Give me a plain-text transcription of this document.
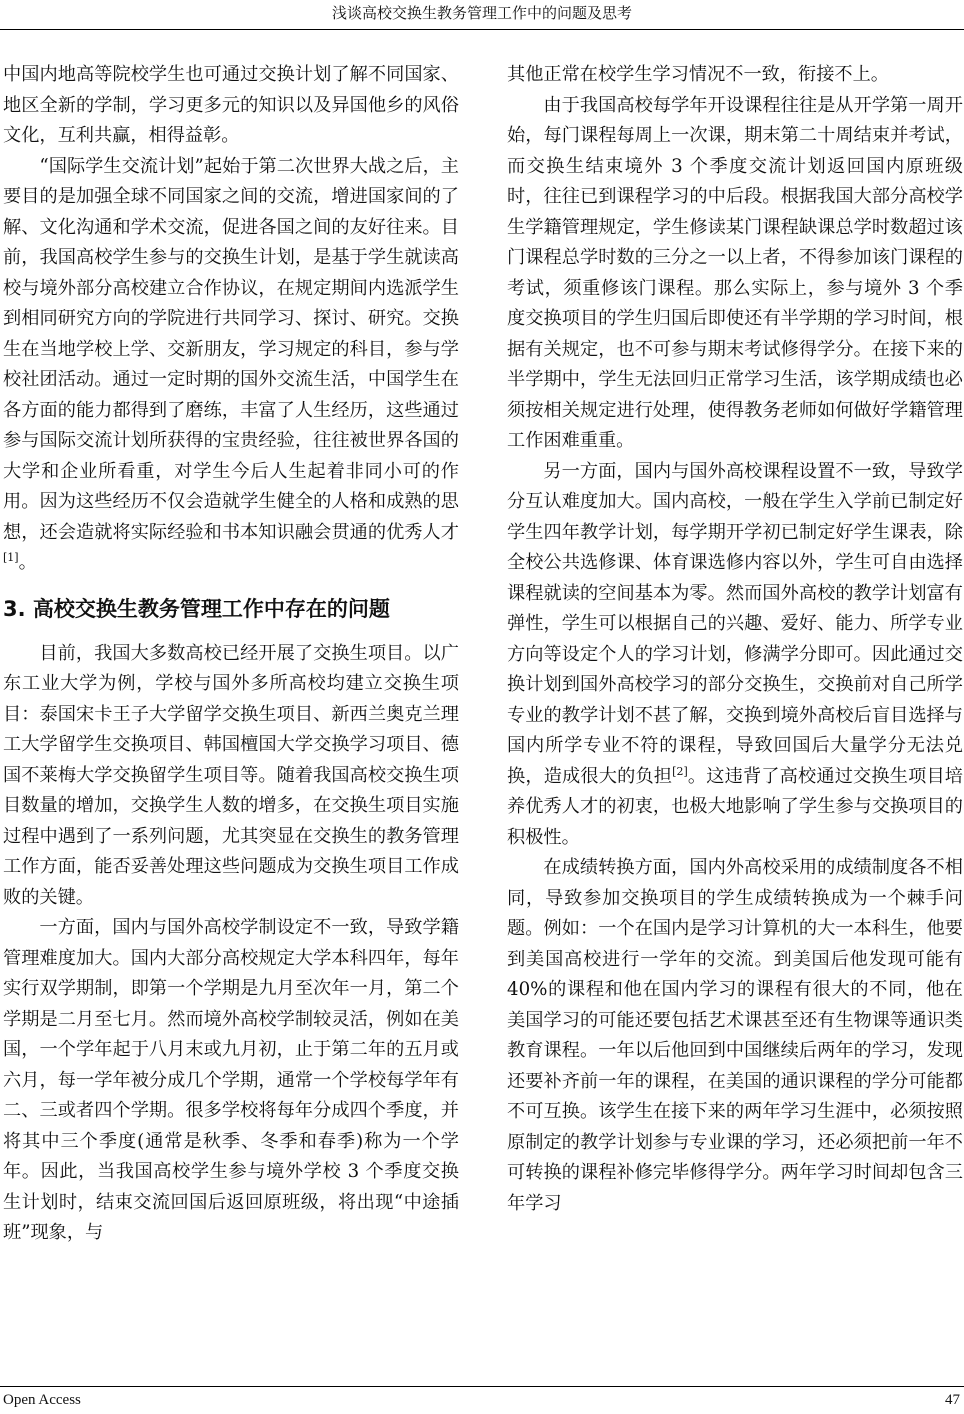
浅谈高校交换生教务管理工作中的问题及思考

中国内地高等院校学生也可通过交换计划了解不同国家、地区全新的学制，学习更多元的知识以及异国他乡的风俗文化，互利共赢，相得益彰。

“国际学生交流计划”起始于第二次世界大战之后，主要目的是加强全球不同国家之间的交流，增进国家间的了解、文化沟通和学术交流，促进各国之间的友好往来。目前，我国高校学生参与的交换生计划，是基于学生就读高校与境外部分高校建立合作协议，在规定期间内选派学生到相同研究方向的学院进行共同学习、探讨、研究。交换生在当地学校上学、交新朋友，学习规定的科目，参与学校社团活动。通过一定时期的国外交流生活，中国学生在各方面的能力都得到了磨练，丰富了人生经历，这些通过参与国际交流计划所获得的宝贵经验，往往被世界各国的大学和企业所看重，对学生今后人生起着非同小可的作用。因为这些经历不仅会造就学生健全的人格和成熟的思想，还会造就将实际经验和书本知识融会贯通的优秀人才[1]。

3. 高校交换生教务管理工作中存在的问题

目前，我国大多数高校已经开展了交换生项目。以广东工业大学为例，学校与国外多所高校均建立交换生项目：泰国宋卡王子大学留学交换生项目、新西兰奥克兰理工大学留学生交换项目、韩国檀国大学交换学习项目、德国不莱梅大学交换留学生项目等。随着我国高校交换生项目数量的增加，交换学生人数的增多，在交换生项目实施过程中遇到了一系列问题，尤其突显在交换生的教务管理工作方面，能否妥善处理这些问题成为交换生项目工作成败的关键。

一方面，国内与国外高校学制设定不一致，导致学籍管理难度加大。国内大部分高校规定大学本科四年，每年实行双学期制，即第一个学期是九月至次年一月，第二个学期是二月至七月。然而境外高校学制较灵活，例如在美国，一个学年起于八月末或九月初，止于第二年的五月或六月，每一学年被分成几个学期，通常一个学校每学年有二、三或者四个学期。很多学校将每年分成四个季度，并将其中三个季度(通常是秋季、冬季和春季)称为一个学年。因此，当我国高校学生参与境外学校 3 个季度交换生计划时，结束交流回国后返回原班级，将出现“中途插班”现象，与

其他正常在校学生学习情况不一致，衔接不上。

由于我国高校每学年开设课程往往是从开学第一周开始，每门课程每周上一次课，期末第二十周结束并考试，而交换生结束境外 3 个季度交流计划返回国内原班级时，往往已到课程学习的中后段。根据我国大部分高校学生学籍管理规定，学生修读某门课程缺课总学时数超过该门课程总学时数的三分之一以上者，不得参加该门课程的考试，须重修该门课程。那么实际上，参与境外 3 个季度交换项目的学生归国后即使还有半学期的学习时间，根据有关规定，也不可参与期末考试修得学分。在接下来的半学期中，学生无法回归正常学习生活，该学期成绩也必须按相关规定进行处理，使得教务老师如何做好学籍管理工作困难重重。

另一方面，国内与国外高校课程设置不一致，导致学分互认难度加大。国内高校，一般在学生入学前已制定好学生四年教学计划，每学期开学初已制定好学生课表，除全校公共选修课、体育课选修内容以外，学生可自由选择课程就读的空间基本为零。然而国外高校的教学计划富有弹性，学生可以根据自己的兴趣、爱好、能力、所学专业方向等设定个人的学习计划，修满学分即可。因此通过交换计划到国外高校学习的部分交换生，交换前对自己所学专业的教学计划不甚了解，交换到境外高校后盲目选择与国内所学专业不符的课程，导致回国后大量学分无法兑换，造成很大的负担[2]。这违背了高校通过交换生项目培养优秀人才的初衷，也极大地影响了学生参与交换项目的积极性。

在成绩转换方面，国内外高校采用的成绩制度各不相同，导致参加交换项目的学生成绩转换成为一个棘手问题。例如：一个在国内是学习计算机的大一本科生，他要到美国高校进行一学年的交流。到美国后他发现可能有 40%的课程和他在国内学习的课程有很大的不同，他在美国学习的可能还要包括艺术课甚至还有生物课等通识类教育课程。一年以后他回到中国继续后两年的学习，发现还要补齐前一年的课程，在美国的通识课程的学分可能都不可互换。该学生在接下来的两年学习生涯中，必须按照原制定的教学计划参与专业课的学习，还必须把前一年不可转换的课程补修完毕修得学分。两年学习时间却包含三年学习

Open Access	47
